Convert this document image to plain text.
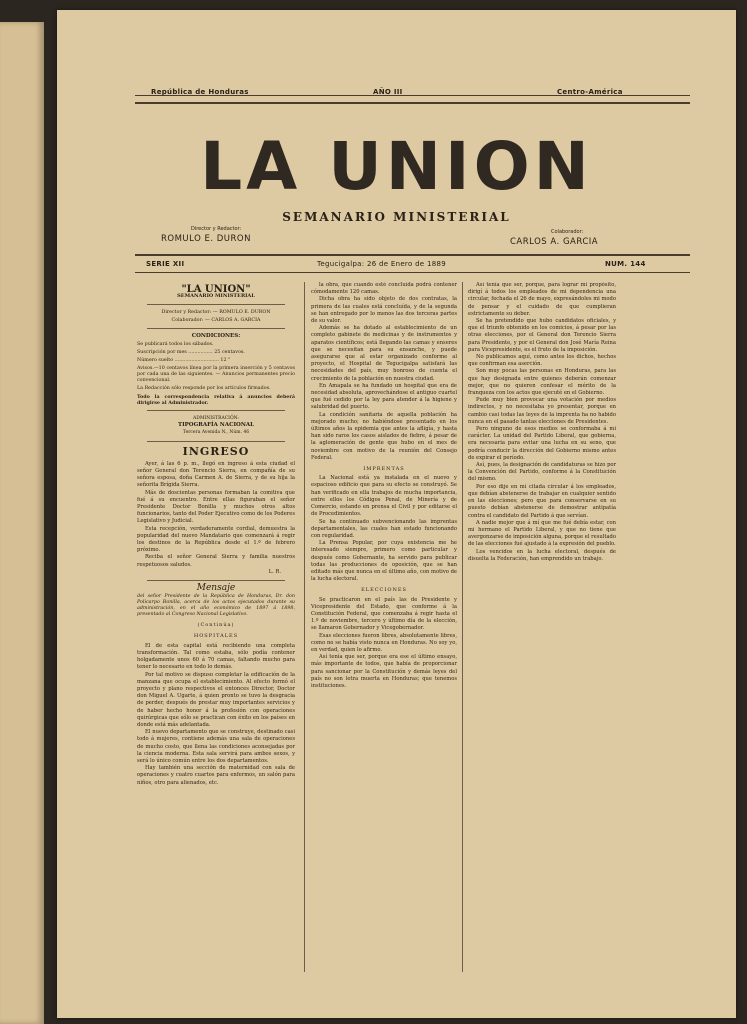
República de Honduras	AÑO III	Centro-América
LA UNION
SEMANARIO MINISTERIAL
Director y Redactor:
ROMULO E. DURON
Colaborador:
CARLOS A. GARCIA
SERIE XII	Tegucigalpa: 26 de Enero de 1889	NUM. 144
"LA UNION"
SEMANARIO MINISTERIAL
Director y Redactor: — ROMULO E. DURON
Colaborador: — CARLOS A. GARCIA
CONDICIONES:
Se publicará todos los sábados.
Suscripción por mes ................ 25 centavos.
Número suelto ............................. 12 "
Avisos.—10 centavos línea por la primera inserción y 5 centavos por cada una de las siguientes. — Anuncios permanentes precio convencional.
La Redacción sólo responde por los artículos firmados.
Todo la correspondencia relativa á anuncios deberá dirigirse al Administrador.
ADMINISTRACIÓN:
TIPOGRAFÍA NACIONAL
Tercera Avenida N., Núm. 46
INGRESO

Ayer, á las 6 p. m., llegó en ingreso á esta ciudad el señor General don Terencio Sierra, en compañía de su señora esposa, doña Carmen A. de Sierra, y de su hija la señorita Brígida Sierra.

Más de doscientas personas formaban la comitiva que fué á su encuentro. Entre ellas figuraban el señor Presidente Doctor Bonilla y muchos otros altos funcionarios, tanto del Poder Ejecutivo como de los Poderes Legislativo y Judicial.

Esta recepción, verdaderamente cordial, demuestra la popularidad del nuevo Mandatario que comenzará á regir los destinos de la República desde el 1.º de febrero próximo.

Reciba el señor General Sierra y familia nuestros respetuosos saludos.

L. R.
Mensaje
del señor Presidente de la República de Honduras, Dr. don Policarpo Bonilla, acerca de los actos ejecutados durante su administración, en el año económico de 1897 á 1898, presentado al Congreso Nacional Legislativo.
(Continúa)
HOSPITALES

El de esta capital está recibiendo una completa transformación. Tal como estaba, sólo podía contener holgadamente unos 60 á 70 camas, faltando mucho para tener lo necesario en todo lo demás.

Por tal motivo se dispuso completar la edificación de la manzana que ocupa el establecimiento. Al efecto formó el proyecto y plano respectivos el entonces Director, Doctor don Miguel A. Ugarte, á quien pronto se tuvo la desgracia de perder, después de prestar muy importantes servicios y de haber hecho honor á la profesión con operaciones quirúrgicas que sólo se practican con éxito en los países en donde está más adelantada.

El nuevo departamento que se construye, destinado casi todo á mujeres, contiene además una sala de operaciones de mucho costo, que llena las condiciones aconsejadas por la ciencia moderna. Esta sala servirá para ambos sexos, y será lo único común entre los dos departamentos.

Hay también una sección de maternidad con sala de operaciones y cuatro cuartos para enfermos, un salón para niños, otro para alienados, etc.

la obra, que cuando esté concluída podrá contener cómodamente 120 camas.

Dicha obra ha sido objeto de dos contratas, la primera de las cuales está concluída, y de la segunda se han entregado por lo menos las dos terceras partes de su valor.

Además se ha dotado al establecimiento de un completo gabinete de medicinas y de instrumentos y aparatos científicos; está llegando las camas y enseres que se necesitan para su ensanche, y puede asegurarse que al estar organizado conforme al proyecto, el Hospital de Tegucigalpa satisfará las necesidades del país, muy honroso de cuenta el crecimiento de la población en nuestra ciudad.

En Amapala se ha fundado un hospital que era de necesidad absoluta, aprovechándose el antiguo cuartel que fué cedido por la ley para atender á la higiene y salubridad del puerto.

La condición sanitaria de aquella población ha mejorado mucho; no habiéndose presentado en los últimos años la epidemia que antes la afligía, y hasta han sido raros los casos aislados de fiebre, á pesar de la aglomeración de gente que hubo en el mes de noviembre con motivo de la reunión del Consejo Federal.

IMPRENTAS

La Nacional está ya instalada en el nuevo y espacioso edificio que para su efecto se construyó. Se han verificado en ella trabajos de mucha importancia, entre ellos los Códigos Penal, de Minería y de Comercio, estando en prensa el Civil y por editarse el de Procedimientos.

Se ha continuado subvencionando las imprentas departamentales, las cuales han estado funcionando con regularidad.

La Prensa Popular, por cuya existencia me he interesado siempre, primero como particular y después como Gobernante, ha servido para publicar todas las producciones de oposición, que se han editado más que nunca en el último año, con motivo de la lucha electoral.

ELECCIONES

Se practicaron en el país las de Presidente y Vicepresidente del Estado, que conforme á la Constitución Federal, que comenzaba á regir hasta el 1.º de noviembre, tercero y último día de la elección, se llamaron Gobernador y Vicegobernador.

Esas elecciones fueron libres, absolutamente libres, como no se había visto nunca en Honduras. No soy yo, en verdad, quien lo afirmo.

Así tenía que ser, porque era ese el último ensayo, más importante de todos, que había de proporcionar para sancionar por la Constitución y demás leyes del país no son letra muerta en Honduras; que tenemos instituciones.

Así tenía que ser, porque, para lograr mi propósito, dirigí á todos los empleados de mi dependencia una circular, fechada el 26 de mayo, expresándoles mi modo de pensar y el cuidado de que cumplieran estrictamente su deber.

Se ha pretendido que hubo candidatos oficiales, y que el triunfo obtenido en los comicios, á pesar por las otras elecciones, por el General don Terencio Sierra para Presidente, y por el General don José María Reina para Vicepresidente, es el fruto de la imposición.

No publicamos aquí, como antes los dichos, hechos que confirman esa aserción.

Son muy pocas las personas en Honduras, para las que hay designada entre quienes deberán comenzar mejor, que no quieren confesar el mérito de la franqueza con los actos que ejecuté en el Gobierno.

Pude muy bien provocar una votación por medios indirectos, y no necesitaba yo presentar, porque en cambio casi todas las leyes de la imprenta ha no habido nunca en el pasado tantas elecciones de Presidentes.

Pero ninguno de esos medios se conformaba á mi carácter. La unidad del Partido Liberal, que gobierna, era necesaria para evitar una lucha en su seno, que podría conducir la dirección del Gobierno mismo antes de expirar el período.

Así, pues, la designación de candidaturas se hizo por la Convención del Partido, conforme á la Constitución del mismo.

Por eso dije en mi citada circular á los empleados, que debían abstenerse de trabajar en cualquier sentido en las elecciones; pero que para conservarse en su puesto debían abstenerse de demostrar antipatía contra el candidato del Partido á que servían.

A nadie mejor que á mí que me fué debía estar, con mi hermano el Partido Liberal, y que no tiene que avergonzarse de imposición alguna, porque el resultado de las elecciones fué ajustado á la expresión del pueblo.

Los vencidos en la lucha electoral, después de disuelta la Federación, han emprendido un trabajo.
